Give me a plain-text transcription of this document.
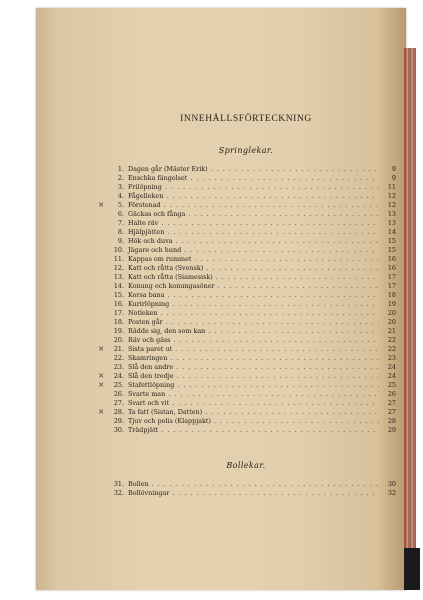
INNEHÅLLSFÖRTECKNING
Springlekar.
1. Dagen går (Mäster Erik) . . .	9
2. Enschka fängelset . . .	9
3. Frilöpning . . .	11
4. Fågelleken . . .	12
×	5. Förstenad . . .	12
6. Gäckas och fånga . . .	13
7. Halte räv . . .	13
8. Hjälpjätten . . .	14
9. Hök och duva . . .	15
10. Jägare och hund . . .	15
11. Kappas om rummet . . .	16
12. Katt och råtta (Svensk) . . .	16
13. Katt och råtta (Siamesisk) . . .	17
14. Konung och konungasöner . . .	17
15. Korsa bana . . .	18
16. Kurirlöpning . . .	19
17. Notleken . . .	20
18. Posten går . . .	20
19. Rädde sig, den som kan . . .	21
20. Räv och gäss . . .	22
×	21. Sista paret ut . . .	22
22. Skamringen . . .	23
23. Slå den andre . . .	24
×	24. Slå den tredje . . .	24
×	25. Stafettlöpning . . .	25
26. Svarte man . . .	26
27. Svart och vit . . .	27
×	28. Ta fatt (Sistan, Datten) . . .	27
29. Tjuv och polis (Klappjakt) . . .	28
30. Trädpjätt . . .	29
Bollekar.
31. Bollen . . .	30
32. Bollövningar . . .	32
